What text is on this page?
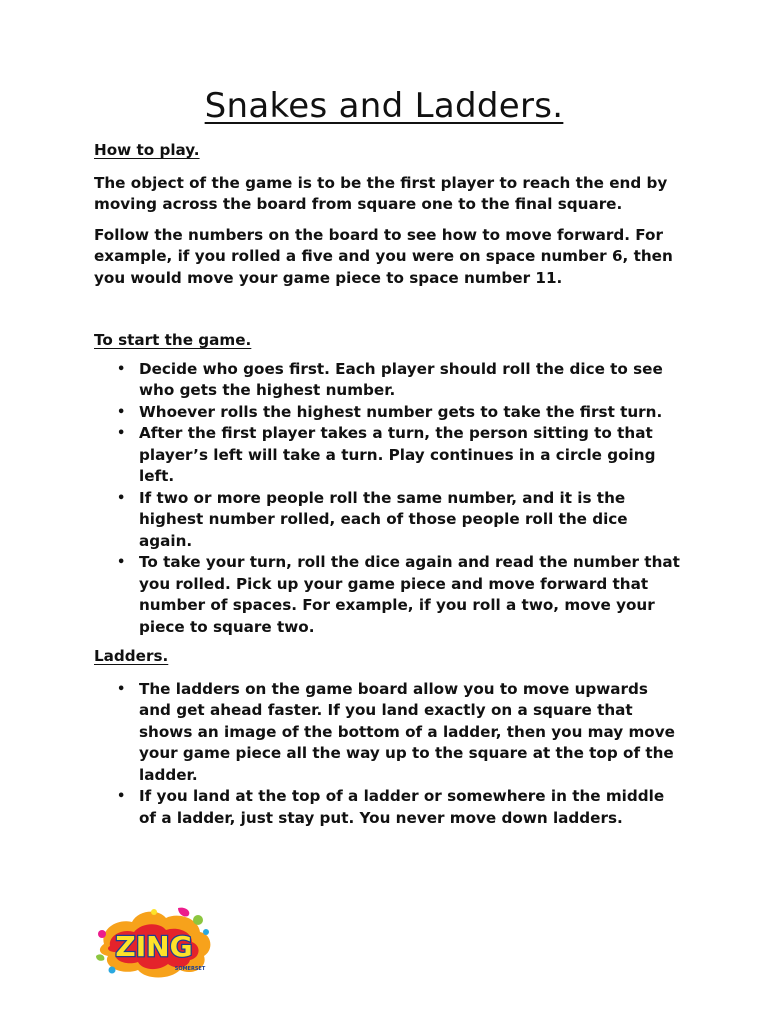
Snakes and Ladders.

How to play.

The object of the game is to be the first player to reach the end by moving across the board from square one to the final square.

Follow the numbers on the board to see how to move forward. For example, if you rolled a five and you were on space number 6, then you would move your game piece to space number 11.

To start the game.

• Decide who goes first. Each player should roll the dice to see who gets the highest number.
• Whoever rolls the highest number gets to take the first turn.
• After the first player takes a turn, the person sitting to that player’s left will take a turn. Play continues in a circle going left.
• If two or more people roll the same number, and it is the highest number rolled, each of those people roll the dice again.
• To take your turn, roll the dice again and read the number that you rolled. Pick up your game piece and move forward that number of spaces. For example, if you roll a two, move your piece to square two.

Ladders.

• The ladders on the game board allow you to move upwards and get ahead faster. If you land exactly on a square that shows an image of the bottom of a ladder, then you may move your game piece all the way up to the square at the top of the ladder.
• If you land at the top of a ladder or somewhere in the middle of a ladder, just stay put. You never move down ladders.
ZING
SOMERSET
